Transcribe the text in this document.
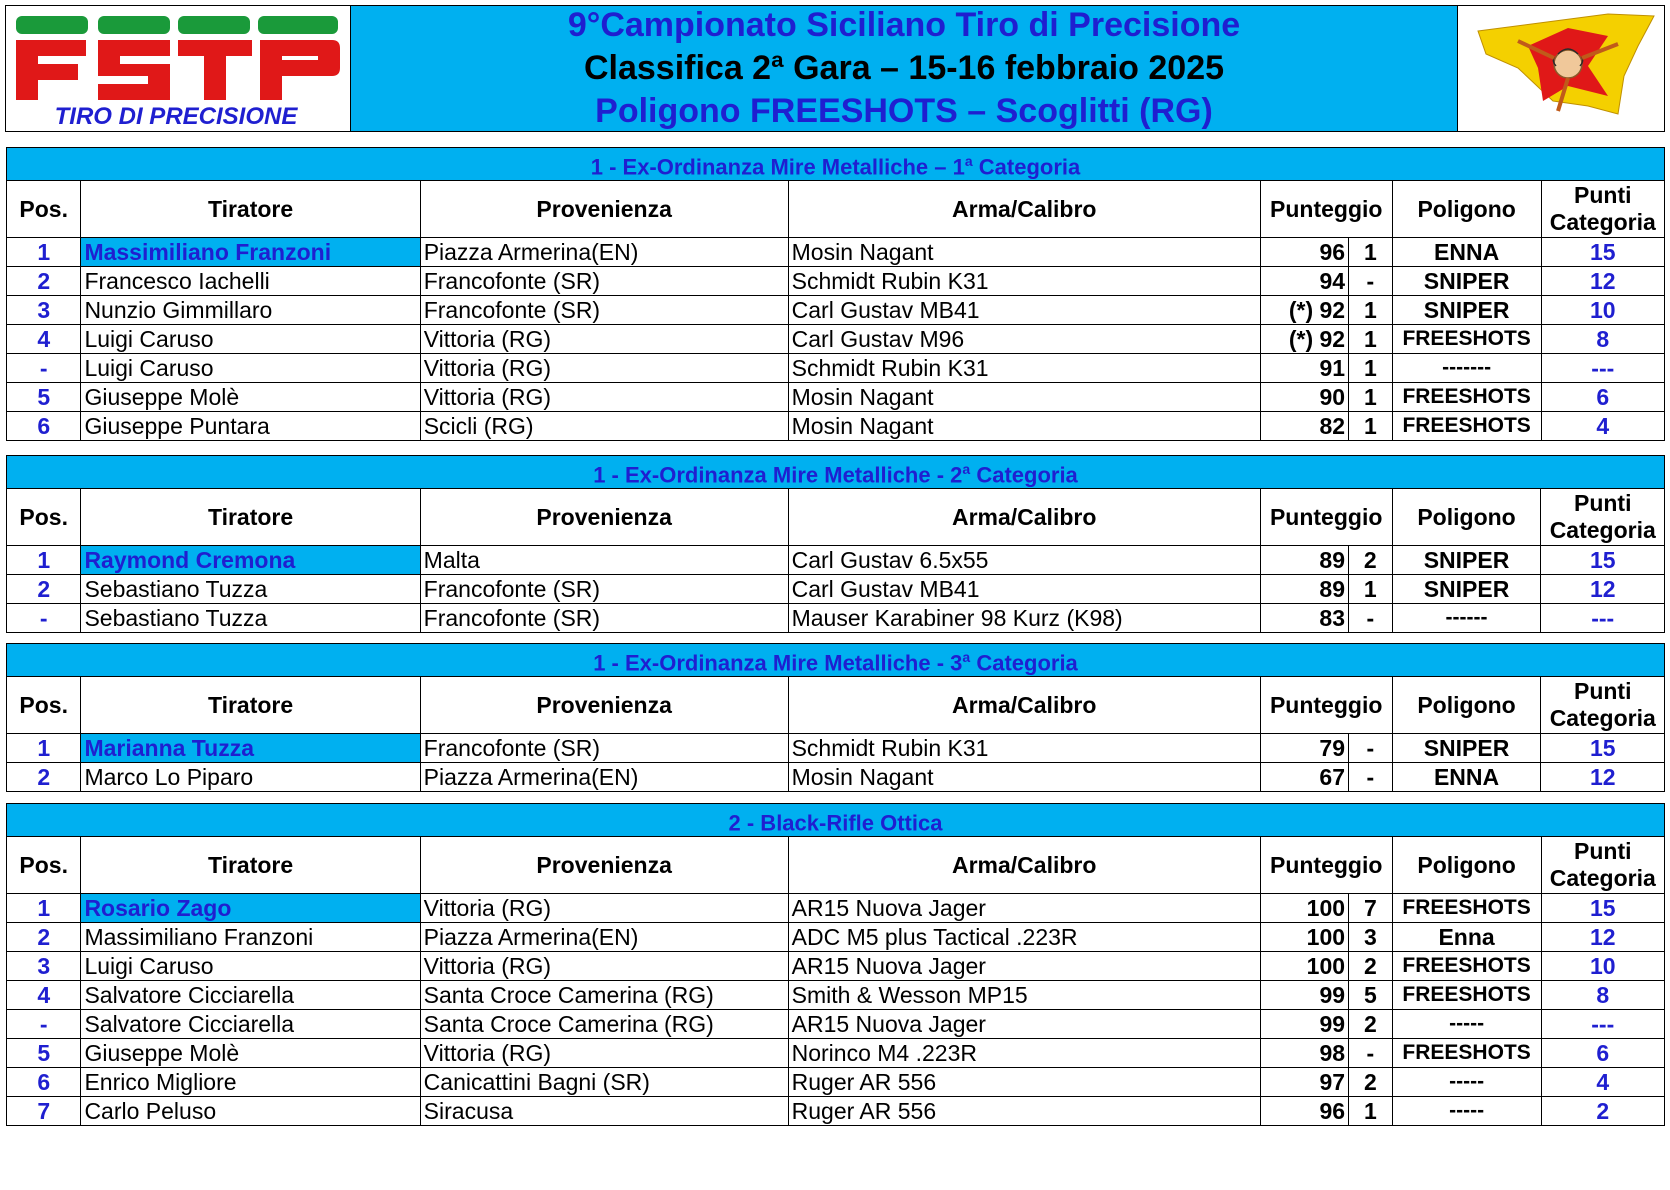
TIRO DI PRECISIONE
9°Campionato Siciliano Tiro di Precisione
Classifica 2ª Gara – 15-16 febbraio 2025
Poligono FREESHOTS – Scoglitti (RG)
1 - Ex-Ordinanza Mire Metalliche – 1$^a$ Categoria							
Pos.	Tiratore	Provenienza	Arma/Calibro	Punteggio		Poligono	Punti Categoria
1	Massimiliano Franzoni	Piazza Armerina(EN)	Mosin Nagant	96	1	ENNA	15
2	Francesco Iachelli	Francofonte (SR)	Schmidt Rubin K31	94	-	SNIPER	12
3	Nunzio Gimmillaro	Francofonte (SR)	Carl Gustav MB41	(*) 92	1	SNIPER	10
4	Luigi Caruso	Vittoria (RG)	Carl Gustav M96	(*) 92	1	FREESHOTS	8
-	Luigi Caruso	Vittoria (RG)	Schmidt Rubin K31	91	1	-------	---
5	Giuseppe Molè	Vittoria (RG)	Mosin Nagant	90	1	FREESHOTS	6
6	Giuseppe Puntara	Scicli (RG)	Mosin Nagant	82	1	FREESHOTS	4
1 - Ex-Ordinanza Mire Metalliche - 2$^a$ Categoria							
Pos.	Tiratore	Provenienza	Arma/Calibro	Punteggio		Poligono	Punti Categoria
1	Raymond Cremona	Malta	Carl Gustav 6.5x55	89	2	SNIPER	15
2	Sebastiano Tuzza	Francofonte (SR)	Carl Gustav MB41	89	1	SNIPER	12
-	Sebastiano Tuzza	Francofonte (SR)	Mauser Karabiner 98 Kurz (K98)	83	-	------	---
1 - Ex-Ordinanza Mire Metalliche - 3$^a$ Categoria							
Pos.	Tiratore	Provenienza	Arma/Calibro	Punteggio		Poligono	Punti Categoria
1	Marianna Tuzza	Francofonte (SR)	Schmidt Rubin K31	79	-	SNIPER	15
2	Marco Lo Piparo	Piazza Armerina(EN)	Mosin Nagant	67	-	ENNA	12
2 - Black-Rifle Ottica							
Pos.	Tiratore	Provenienza	Arma/Calibro	Punteggio		Poligono	Punti Categoria
1	Rosario Zago	Vittoria (RG)	AR15 Nuova Jager	100	7	FREESHOTS	15
2	Massimiliano Franzoni	Piazza Armerina(EN)	ADC M5 plus Tactical .223R	100	3	Enna	12
3	Luigi Caruso	Vittoria (RG)	AR15 Nuova Jager	100	2	FREESHOTS	10
4	Salvatore Cicciarella	Santa Croce Camerina (RG)	Smith & Wesson MP15	99	5	FREESHOTS	8
-	Salvatore Cicciarella	Santa Croce Camerina (RG)	AR15 Nuova Jager	99	2	-----	---
5	Giuseppe Molè	Vittoria (RG)	Norinco M4 .223R	98	-	FREESHOTS	6
6	Enrico Migliore	Canicattini Bagni (SR)	Ruger AR 556	97	2	-----	4
7	Carlo Peluso	Siracusa	Ruger AR 556	96	1	-----	2
